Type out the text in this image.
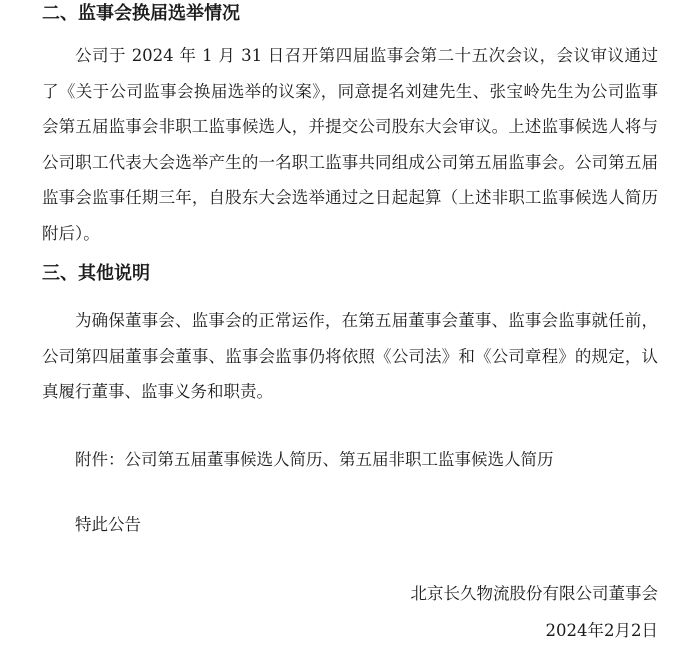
二、监事会换届选举情况

公司于 2024 年 1 月 31 日召开第四届监事会第二十五次会议，会议审议通过了《关于公司监事会换届选举的议案》，同意提名刘建先生、张宝岭先生为公司监事会第五届监事会非职工监事候选人，并提交公司股东大会审议。上述监事候选人将与公司职工代表大会选举产生的一名职工监事共同组成公司第五届监事会。公司第五届监事会监事任期三年，自股东大会选举通过之日起起算（上述非职工监事候选人简历附后）。

三、其他说明

为确保董事会、监事会的正常运作，在第五届董事会董事、监事会监事就任前，公司第四届董事会董事、监事会监事仍将依照《公司法》和《公司章程》的规定，认真履行董事、监事义务和职责。

附件：公司第五届董事候选人简历、第五届非职工监事候选人简历

特此公告

北京长久物流股份有限公司董事会

2024年2月2日
